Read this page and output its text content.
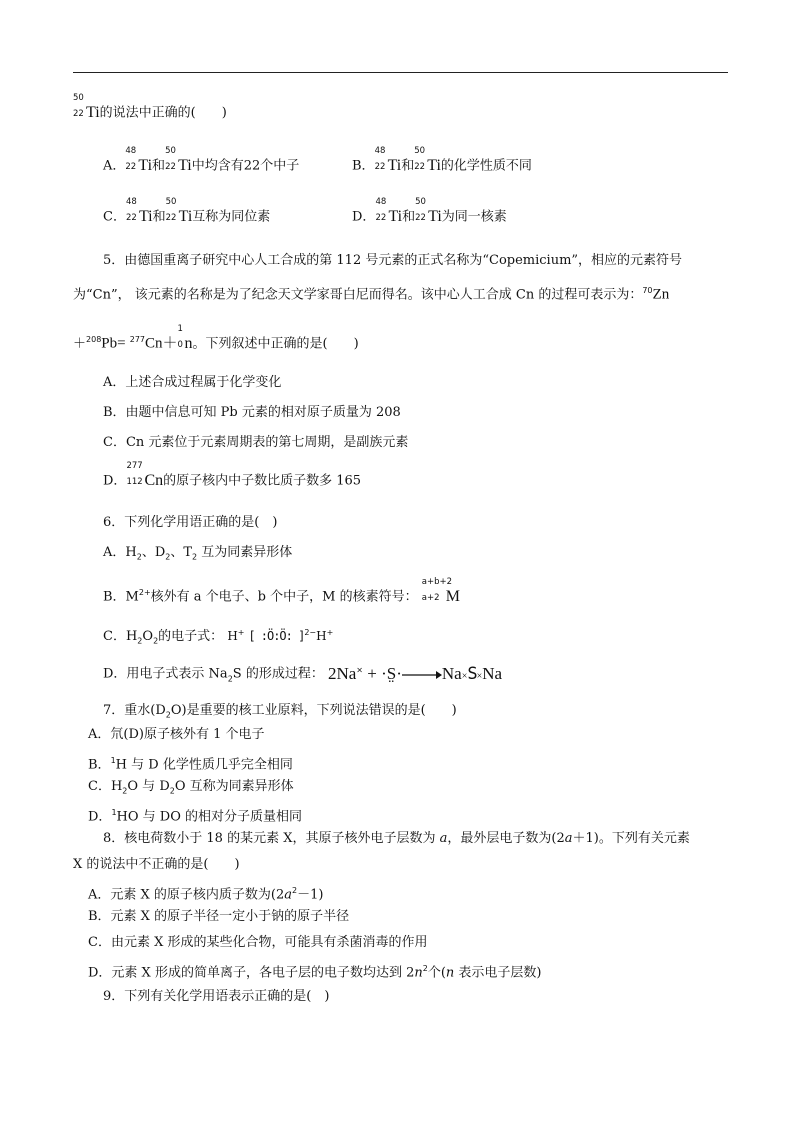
50
22 Ti的说法中正确的(　　)
A．
48
22 Ti和
50
22 Ti中均含有22个中子	B．
48
22 Ti和
50
22 Ti的化学性质不同
C．
48
22 Ti和
50
22 Ti互称为同位素	D．
48
22 Ti和
50
22 Ti为同一核素
5．由德国重离子研究中心人工合成的第 112 号元素的正式名称为“Copemicium”，相应的元素符号
为“Cn”， 该元素的名称是为了纪念天文学家哥白尼而得名。该中心人工合成 Cn 的过程可表示为：$^{70}$Zn
＋$^{208}$Pb= $^{277}$Cn＋
1
0 n。下列叙述中正确的是(　　)
A．上述合成过程属于化学变化
B．由题中信息可知 Pb 元素的相对原子质量为 208
C．Cn 元素位于元素周期表的第七周期，是副族元素
D．
277
112 Cn的原子核内中子数比质子数多 165
6．下列化学用语正确的是(　)
A．$H_2$、$D_2$、$T_2$ 互为同素异形体
B．$M^{2+}$核外有 a 个电子、b 个中子，M 的核素符号：
a+b+2
a+2 M
C．$H_2O_2$的电子式： H+ [ :Ö:Ö: ]$^{2-}$H+
D．用电子式表示 $Na_2S$ 的形成过程： 2Na× + ·S̤·→Na×S×Na
7．重水$(D_2O)$是重要的核工业原料，下列说法错误的是(　　)
A．氘(D)原子核外有 1 个电子
B．$^1$H 与 D 化学性质几乎完全相同
C．$H_2O$ 与 $D_2O$ 互称为同素异形体
D．$^1$HO 与 DO 的相对分子质量相同
8．核电荷数小于 18 的某元素 X，其原子核外电子层数为 a，最外层电子数为(2a＋1)。下列有关元素
X 的说法中不正确的是(　　)
A．元素 X 的原子核内质子数为$(2a^2-1)$
B．元素 X 的原子半径一定小于钠的原子半径
C．由元素 X 形成的某些化合物，可能具有杀菌消毒的作用
D．元素 X 形成的简单离子，各电子层的电子数均达到 $2n^2$个(n 表示电子层数)
9．下列有关化学用语表示正确的是(　)
